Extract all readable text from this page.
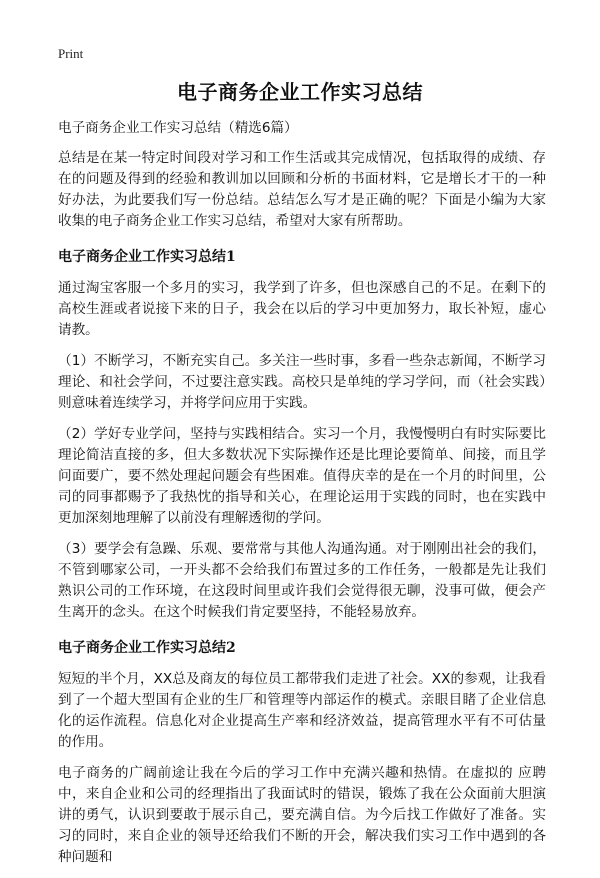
Print
电子商务企业工作实习总结

电子商务企业工作实习总结（精选6篇）

总结是在某一特定时间段对学习和工作生活或其完成情况，包括取得的成绩、存在的问题及得到的经验和教训加以回顾和分析的书面材料，它是增长才干的一种好办法，为此要我们写一份总结。总结怎么写才是正确的呢？下面是小编为大家收集的电子商务企业工作实习总结，希望对大家有所帮助。

电子商务企业工作实习总结1

通过淘宝客服一个多月的实习，我学到了许多，但也深感自己的不足。在剩下的高校生涯或者说接下来的日子，我会在以后的学习中更加努力，取长补短，虚心请教。

（1）不断学习，不断充实自己。多关注一些时事，多看一些杂志新闻，不断学习理论、和社会学问，不过要注意实践。高校只是单纯的学习学问，而（社会实践）则意味着连续学习，并将学问应用于实践。

（2）学好专业学问，坚持与实践相结合。实习一个月，我慢慢明白有时实际要比理论简洁直接的多，但大多数状况下实际操作还是比理论要简单、间接，而且学问面要广，要不然处理起问题会有些困难。值得庆幸的是在一个月的时间里，公司的同事都赐予了我热忱的指导和关心，在理论运用于实践的同时，也在实践中更加深刻地理解了以前没有理解透彻的学问。

（3）要学会有急躁、乐观、要常常与其他人沟通沟通。对于刚刚出社会的我们，不管到哪家公司，一开头都不会给我们布置过多的工作任务，一般都是先让我们熟识公司的工作环境，在这段时间里或许我们会觉得很无聊，没事可做，便会产生离开的念头。在这个时候我们肯定要坚持，不能轻易放弃。

电子商务企业工作实习总结2

短短的半个月，XX总及商友的每位员工都带我们走进了社会。XX的参观，让我看到了一个超大型国有企业的生厂和管理等内部运作的模式。亲眼目睹了企业信息化的运作流程。信息化对企业提高生产率和经济效益，提高管理水平有不可估量的作用。

电子商务的广阔前途让我在今后的学习工作中充满兴趣和热情。在虚拟的 应聘中，来自企业和公司的经理指出了我面试时的错误，锻炼了我在公众面前大胆演讲的勇气，认识到要敢于展示自己，要充满自信。为今后找工作做好了准备。实习的同时，来自企业的领导还给我们不断的开会，解决我们实习工作中遇到的各种问题和
